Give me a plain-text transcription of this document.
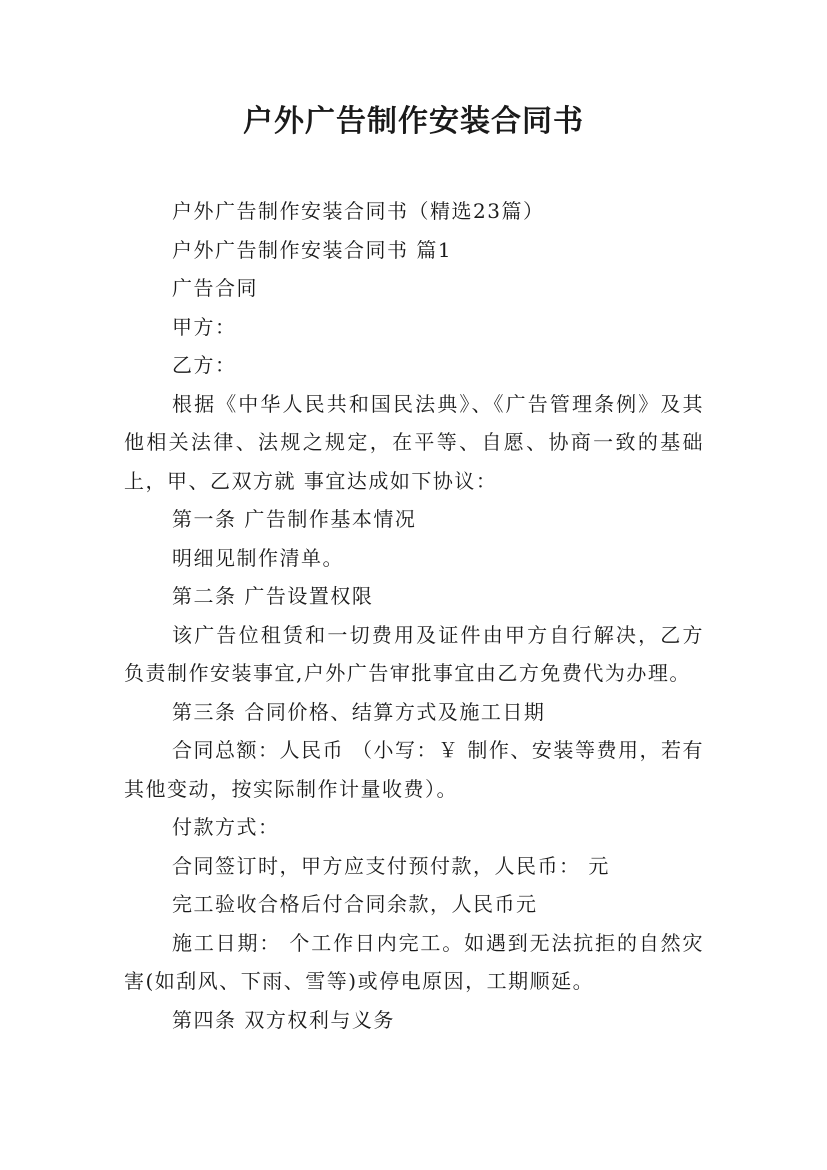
户外广告制作安装合同书

户外广告制作安装合同书（精选23篇）

户外广告制作安装合同书 篇1

广告合同

甲方：

乙方：

根据《中华人民共和国民法典》、《广告管理条例》及其他相关法律、法规之规定，在平等、自愿、协商一致的基础上，甲、乙双方就 事宜达成如下协议：

第一条 广告制作基本情况

明细见制作清单。

第二条 广告设置权限

该广告位租赁和一切费用及证件由甲方自行解决，乙方负责制作安装事宜,户外广告审批事宜由乙方免费代为办理。

第三条 合同价格、结算方式及施工日期

合同总额：人民币 （小写：￥ 制作、安装等费用，若有其他变动，按实际制作计量收费）。

付款方式：

合同签订时，甲方应支付预付款，人民币： 元

完工验收合格后付合同余款，人民币元

施工日期： 个工作日内完工。如遇到无法抗拒的自然灾害(如刮风、下雨、雪等)或停电原因，工期顺延。

第四条 双方权利与义务
